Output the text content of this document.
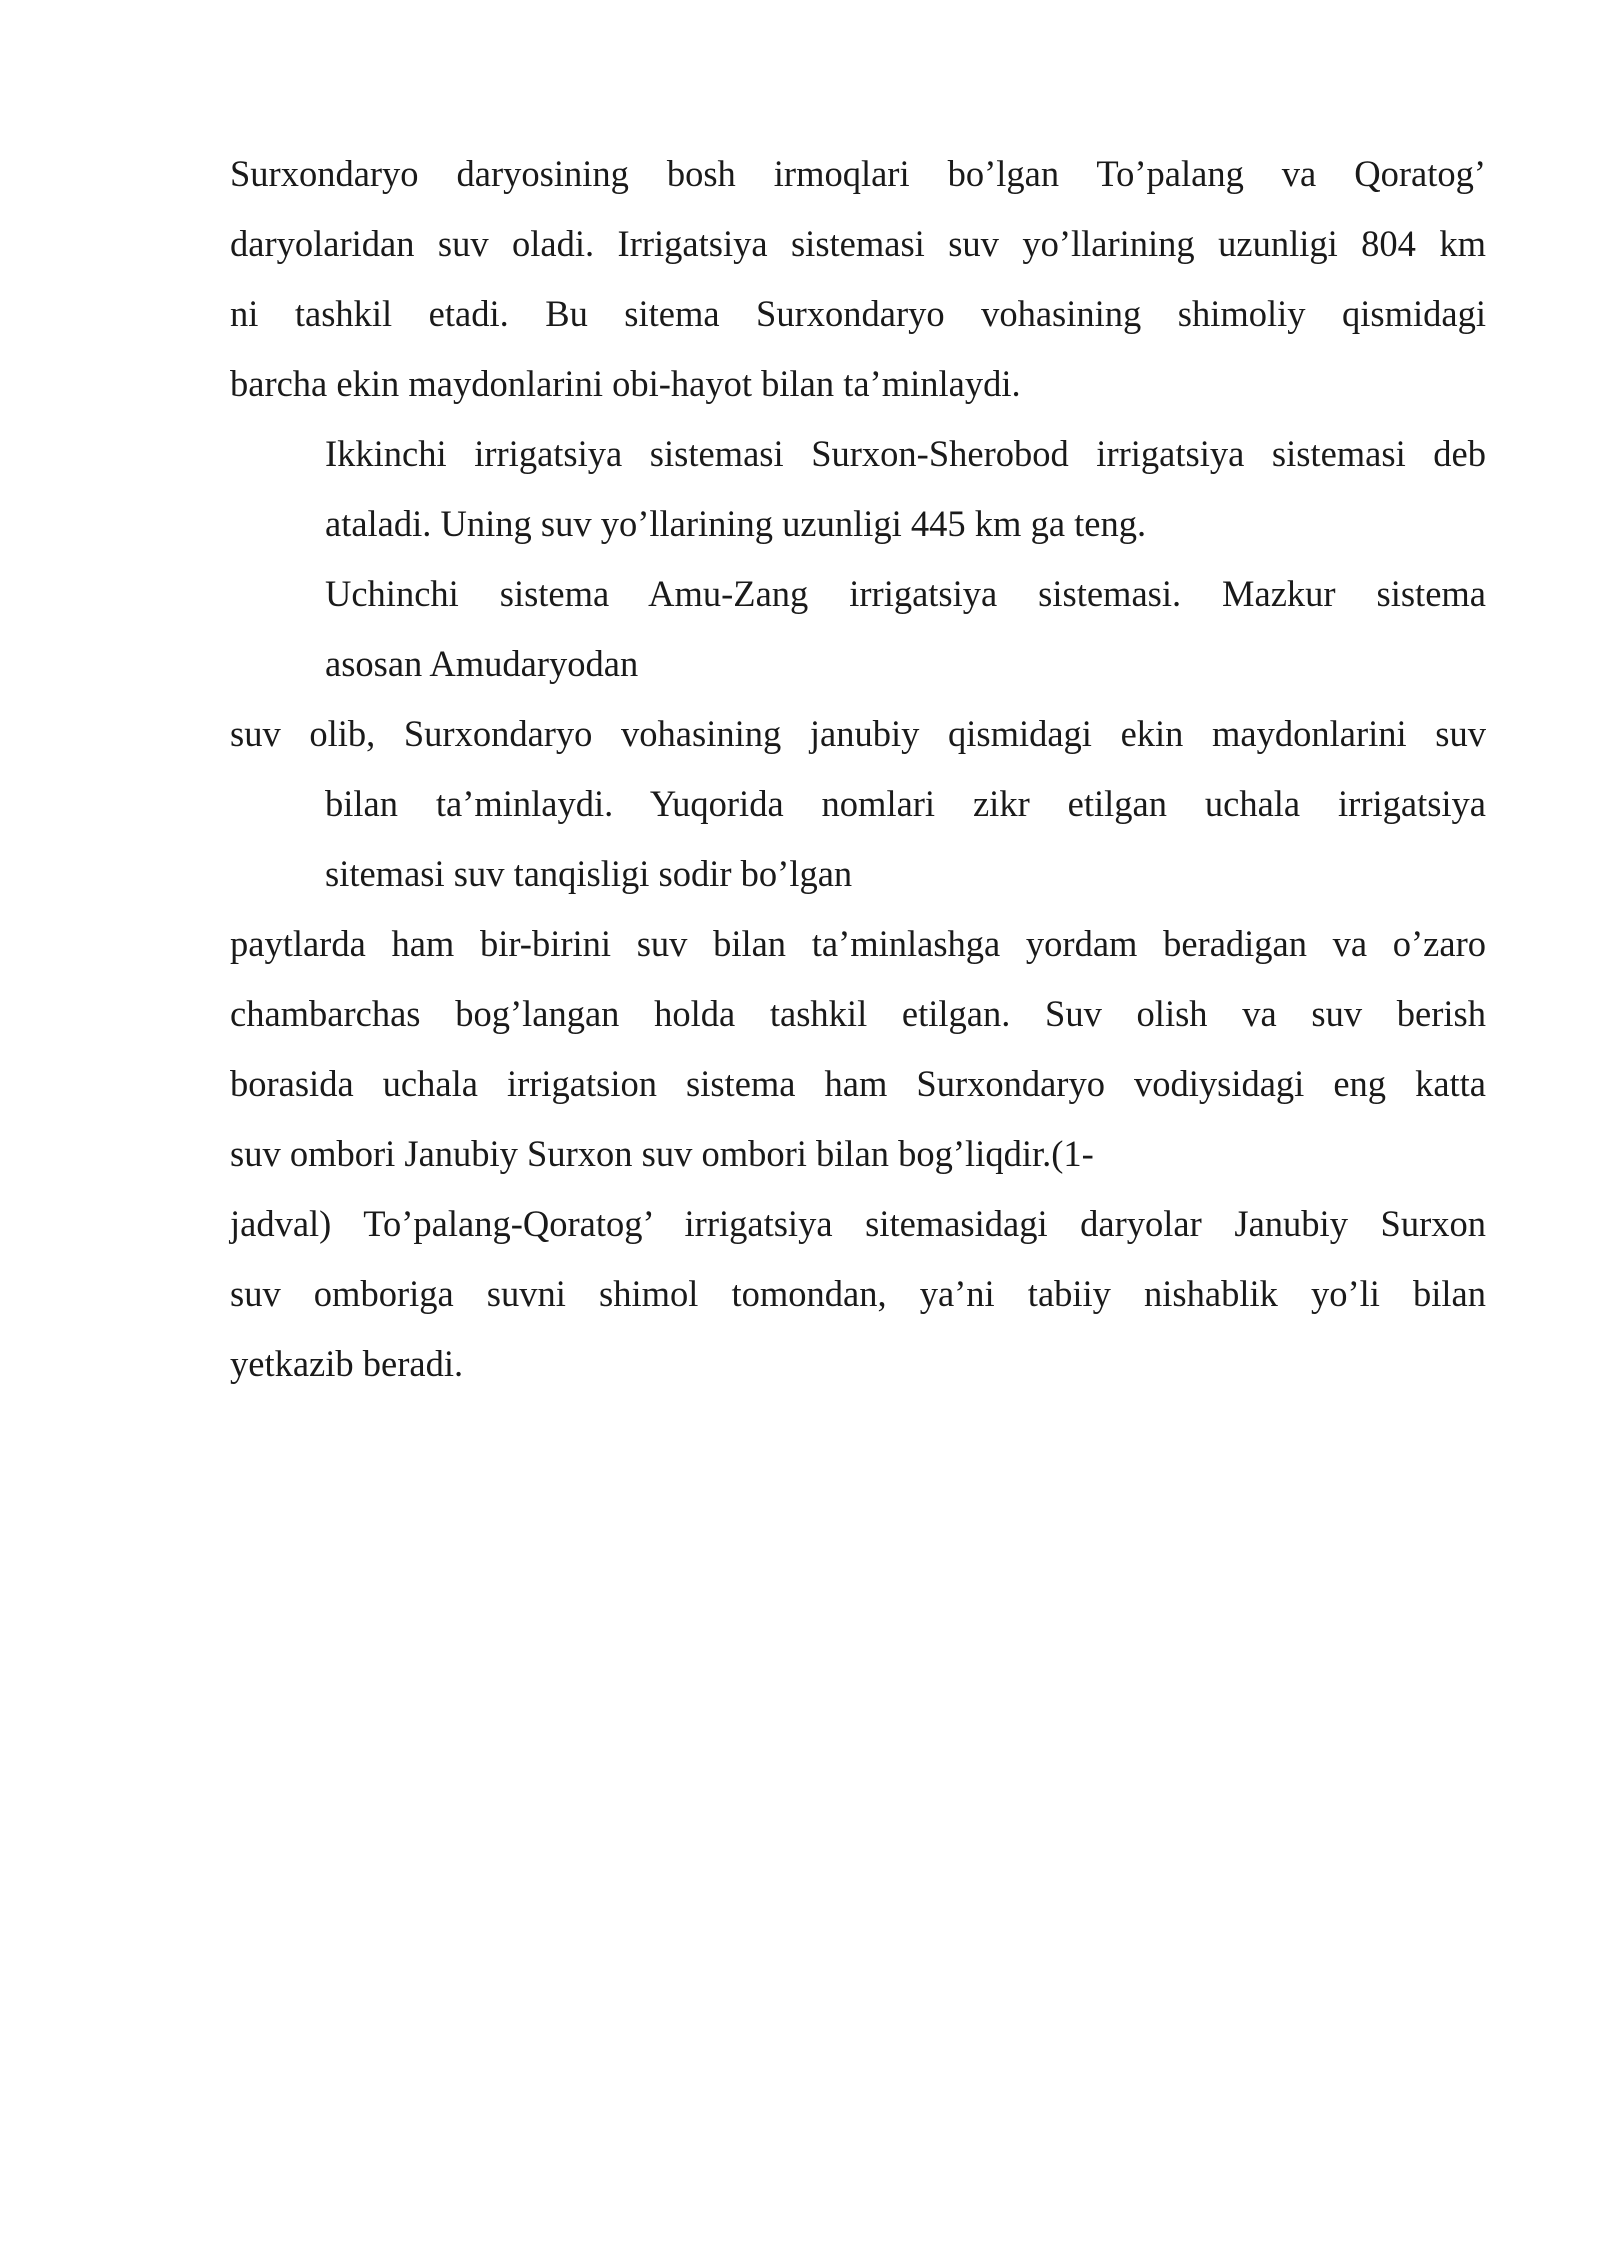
Surxondaryo daryosining bosh irmoqlari bo’lgan To’palang va Qoratog’

daryolaridan suv oladi. Irrigatsiya sistemasi suv yo’llarining uzunligi 804 km

ni tashkil etadi. Bu sitema Surxondaryo vohasining shimoliy qismidagi

barcha ekin maydonlarini obi-hayot bilan ta’minlaydi.

Ikkinchi irrigatsiya sistemasi Surxon-Sherobod irrigatsiya sistemasi deb

ataladi. Uning suv yo’llarining uzunligi 445 km ga teng.

Uchinchi sistema Amu-Zang irrigatsiya sistemasi. Mazkur sistema

asosan Amudaryodan

suv olib, Surxondaryo vohasining janubiy qismidagi ekin maydonlarini suv

bilan ta’minlaydi. Yuqorida nomlari zikr etilgan uchala irrigatsiya

sitemasi suv tanqisligi sodir bo’lgan

paytlarda ham bir-birini suv bilan ta’minlashga yordam beradigan va o’zaro

chambarchas bog’langan holda tashkil etilgan. Suv olish va suv berish

borasida uchala irrigatsion sistema ham Surxondaryo vodiysidagi eng katta

suv ombori Janubiy Surxon suv ombori bilan bog’liqdir.(1-

jadval) To’palang-Qoratog’ irrigatsiya sitemasidagi daryolar Janubiy Surxon

suv omboriga suvni shimol tomondan, ya’ni tabiiy nishablik yo’li bilan

yetkazib beradi.
